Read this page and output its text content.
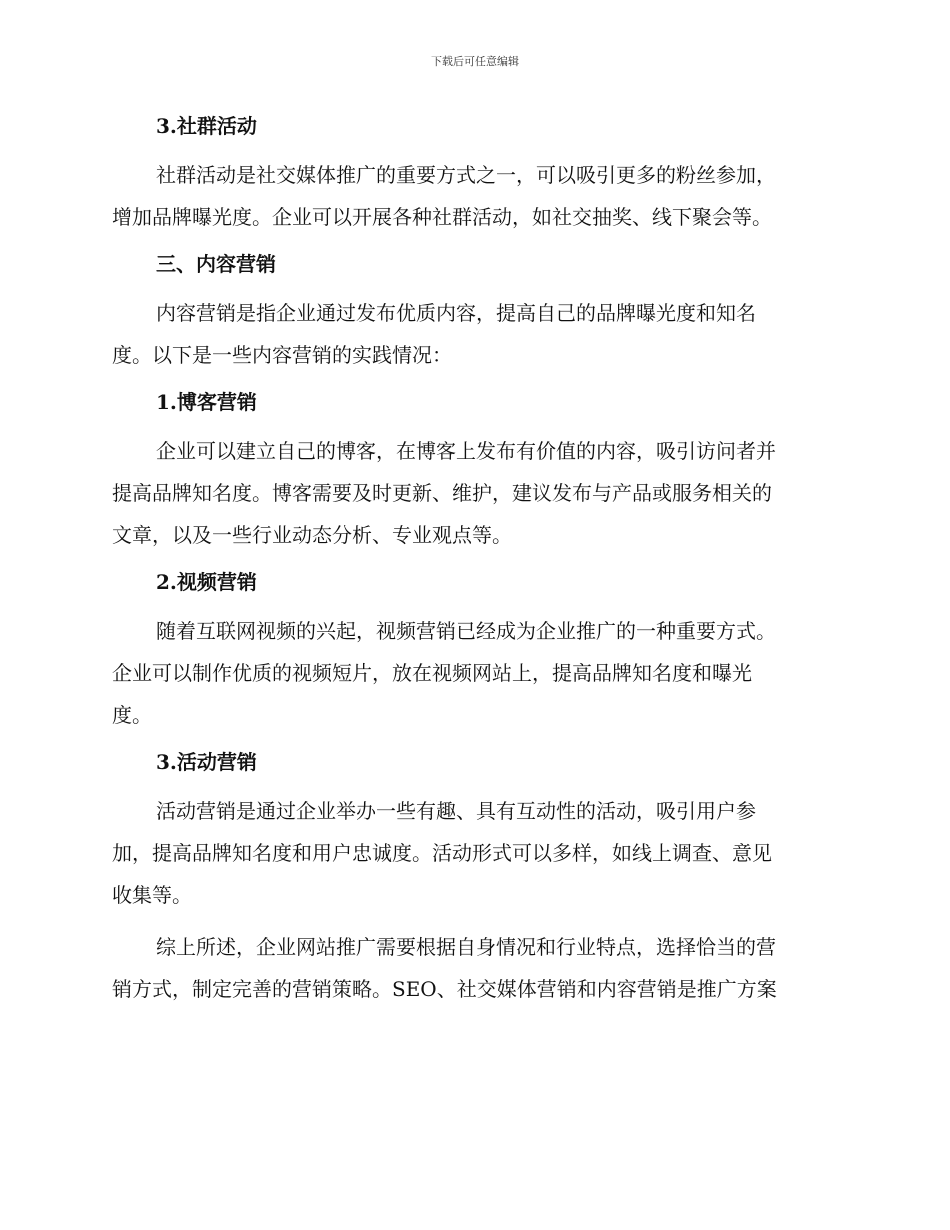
下载后可任意编辑
3.社群活动
社群活动是社交媒体推广的重要方式之一，可以吸引更多的粉丝参加，
增加品牌曝光度。企业可以开展各种社群活动，如社交抽奖、线下聚会等。
三、内容营销
内容营销是指企业通过发布优质内容，提高自己的品牌曝光度和知名
度。以下是一些内容营销的实践情况：
1.博客营销
企业可以建立自己的博客，在博客上发布有价值的内容，吸引访问者并
提高品牌知名度。博客需要及时更新、维护，建议发布与产品或服务相关的
文章，以及一些行业动态分析、专业观点等。
2.视频营销
随着互联网视频的兴起，视频营销已经成为企业推广的一种重要方式。
企业可以制作优质的视频短片，放在视频网站上，提高品牌知名度和曝光
度。
3.活动营销
活动营销是通过企业举办一些有趣、具有互动性的活动，吸引用户参
加，提高品牌知名度和用户忠诚度。活动形式可以多样，如线上调查、意见
收集等。
综上所述，企业网站推广需要根据自身情况和行业特点，选择恰当的营
销方式，制定完善的营销策略。SEO、社交媒体营销和内容营销是推广方案
